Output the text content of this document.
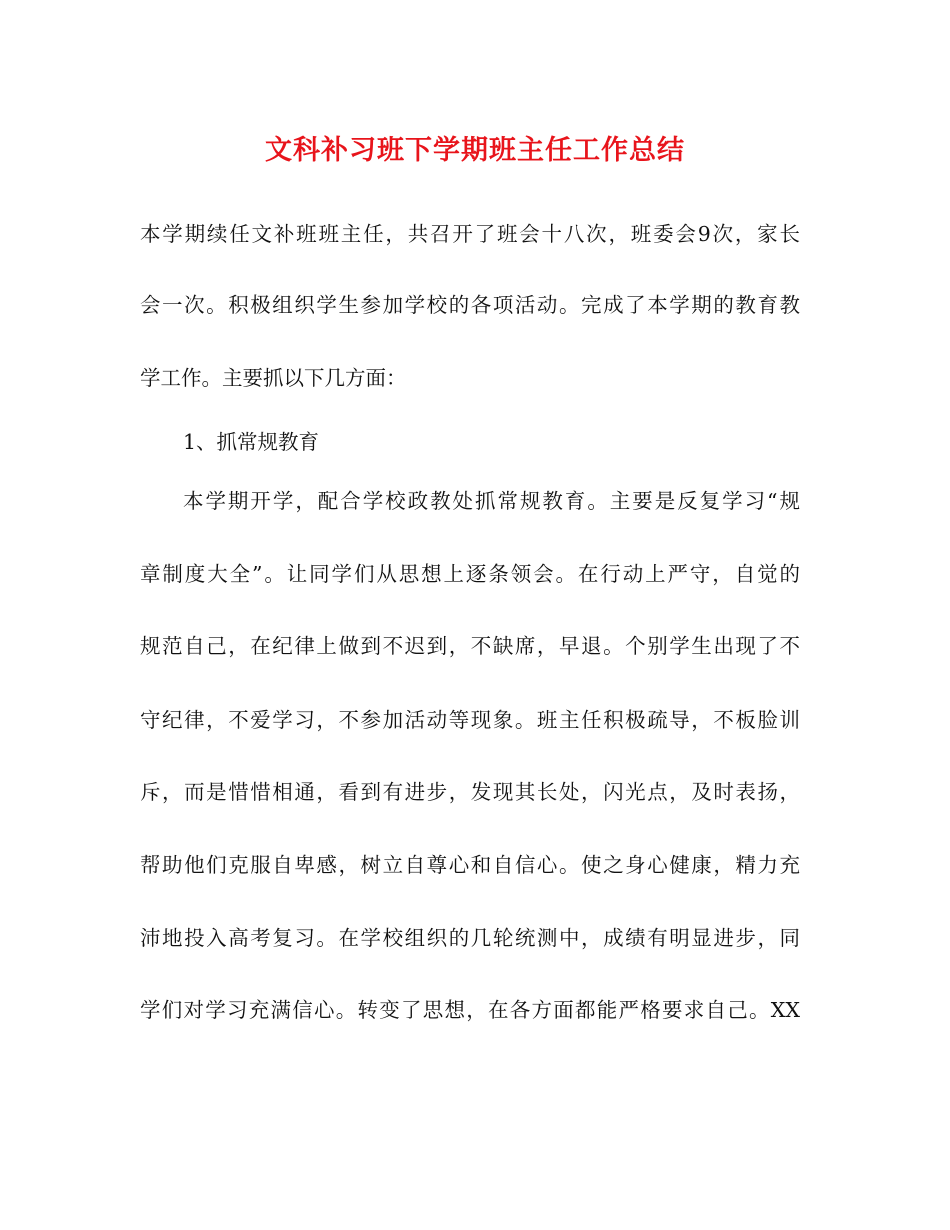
文科补习班下学期班主任工作总结
本学期续任文补班班主任，共召开了班会十八次，班委会9次，家长
会一次。积极组织学生参加学校的各项活动。完成了本学期的教育教
学工作。主要抓以下几方面：
1、抓常规教育
本学期开学，配合学校政教处抓常规教育。主要是反复学习“规
章制度大全”。让同学们从思想上逐条领会。在行动上严守，自觉的
规范自己，在纪律上做到不迟到，不缺席，早退。个别学生出现了不
守纪律，不爱学习，不参加活动等现象。班主任积极疏导，不板脸训
斥，而是惜惜相通，看到有进步，发现其长处，闪光点，及时表扬，
帮助他们克服自卑感，树立自尊心和自信心。使之身心健康，精力充
沛地投入高考复习。在学校组织的几轮统测中，成绩有明显进步，同
学们对学习充满信心。转变了思想，在各方面都能严格要求自己。XX
